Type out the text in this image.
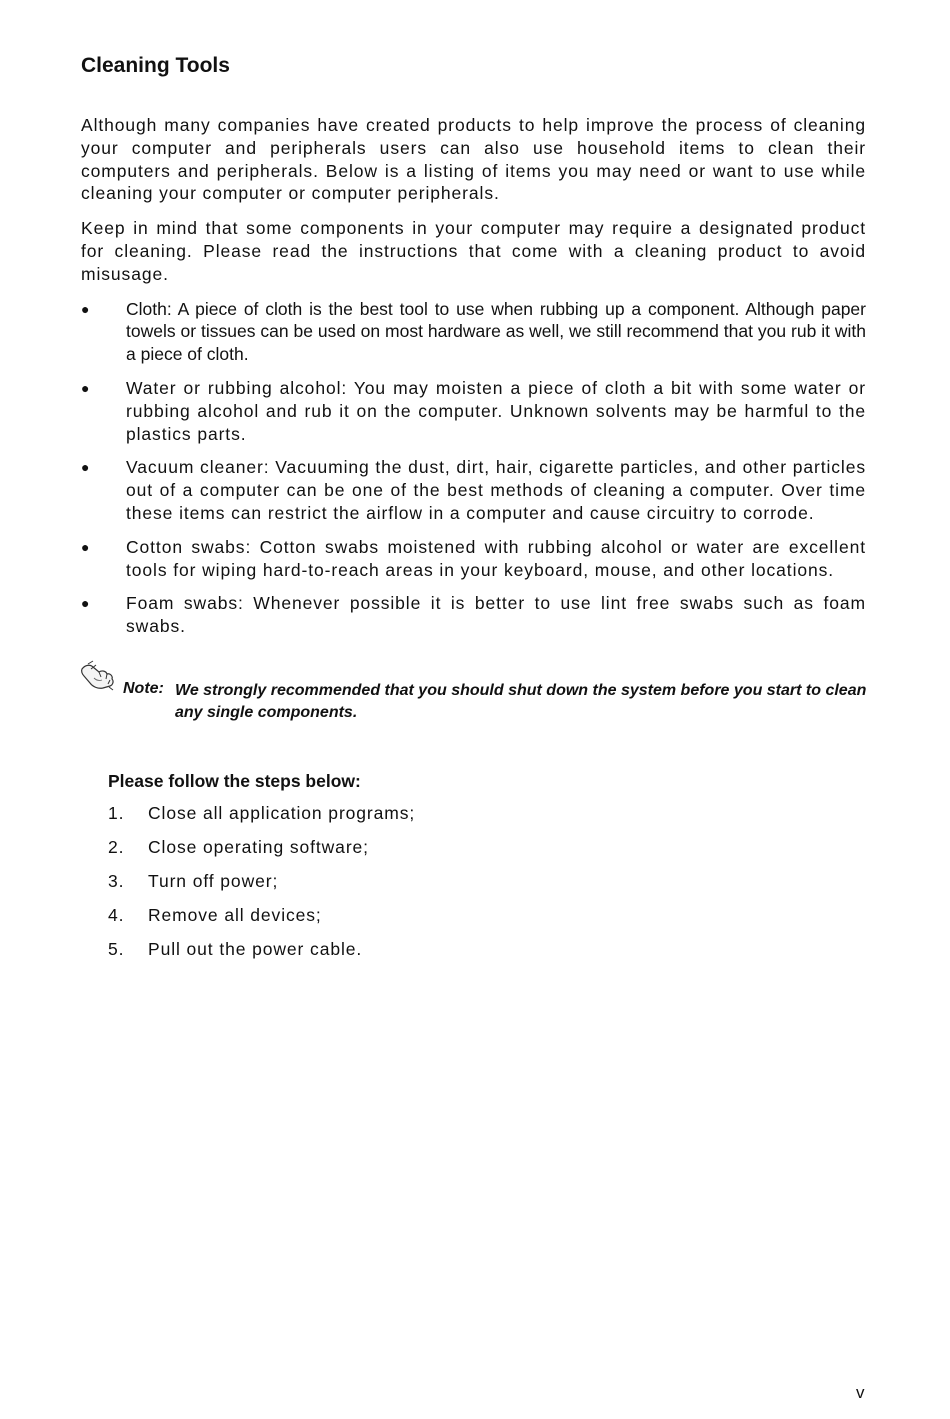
Cleaning Tools

Although many companies have created products to help improve the process of cleaning your computer and peripherals users can also use household items to clean their computers and peripherals. Below is a listing of items you may need or want to use while cleaning your computer or computer peripherals.

Keep in mind that some components in your computer may require a designated product for cleaning. Please read the instructions that come with a cleaning product to avoid misusage.

● Cloth: A piece of cloth is the best tool to use when rubbing up a component. Although paper towels or tissues can be used on most hardware as well, we still recommend that you rub it with a piece of cloth.
● Water or rubbing alcohol: You may moisten a piece of cloth a bit with some water or rubbing alcohol and rub it on the computer. Unknown solvents may be harmful to the plastics parts.
● Vacuum cleaner: Vacuuming the dust, dirt, hair, cigarette particles, and other particles out of a computer can be one of the best methods of cleaning a computer. Over time these items can restrict the airflow in a computer and cause circuitry to corrode.
● Cotton swabs: Cotton swabs moistened with rubbing alcohol or water are excellent tools for wiping hard-to-reach areas in your keyboard, mouse, and other locations.
● Foam swabs: Whenever possible it is better to use lint free swabs such as foam swabs.
Note: We strongly recommended that you should shut down the system before you start to clean any single components.
Please follow the steps below:
1. Close all application programs;
2. Close operating software;
3. Turn off power;
4. Remove all devices;
5. Pull out the power cable.
v
